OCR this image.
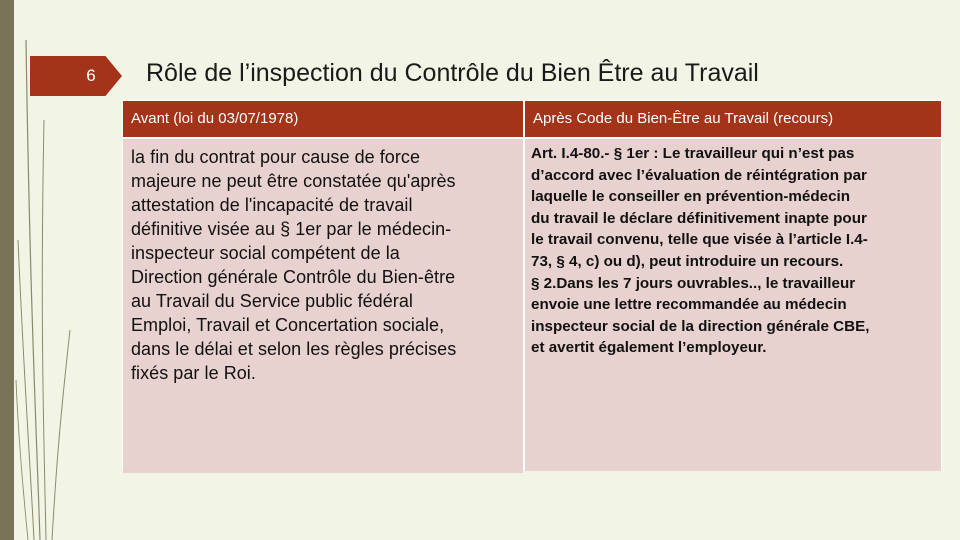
6	Rôle de l’inspection du Contrôle du Bien Être au Travail
Avant (loi du 03/07/1978)
la fin du contrat pour cause de force
majeure ne peut être constatée qu'après
attestation de l'incapacité de travail
définitive visée au § 1er par le médecin-
inspecteur social compétent de la
Direction générale Contrôle du Bien-être
au Travail du Service public fédéral
Emploi, Travail et Concertation sociale,
dans le délai et selon les règles précises
fixés par le Roi.
Après Code du Bien-Être au Travail (recours)
Art. I.4-80.- § 1er : Le travailleur qui n’est pas
d’accord avec l’évaluation de réintégration par
laquelle le conseiller en prévention-médecin
du travail le déclare définitivement inapte pour
le travail convenu, telle que visée à l’article I.4-
73, § 4, c) ou d), peut introduire un recours.
§ 2.Dans les 7 jours ouvrables.., le travailleur
envoie une lettre recommandée au médecin
inspecteur social de la direction générale CBE,
et avertit également l’employeur.
